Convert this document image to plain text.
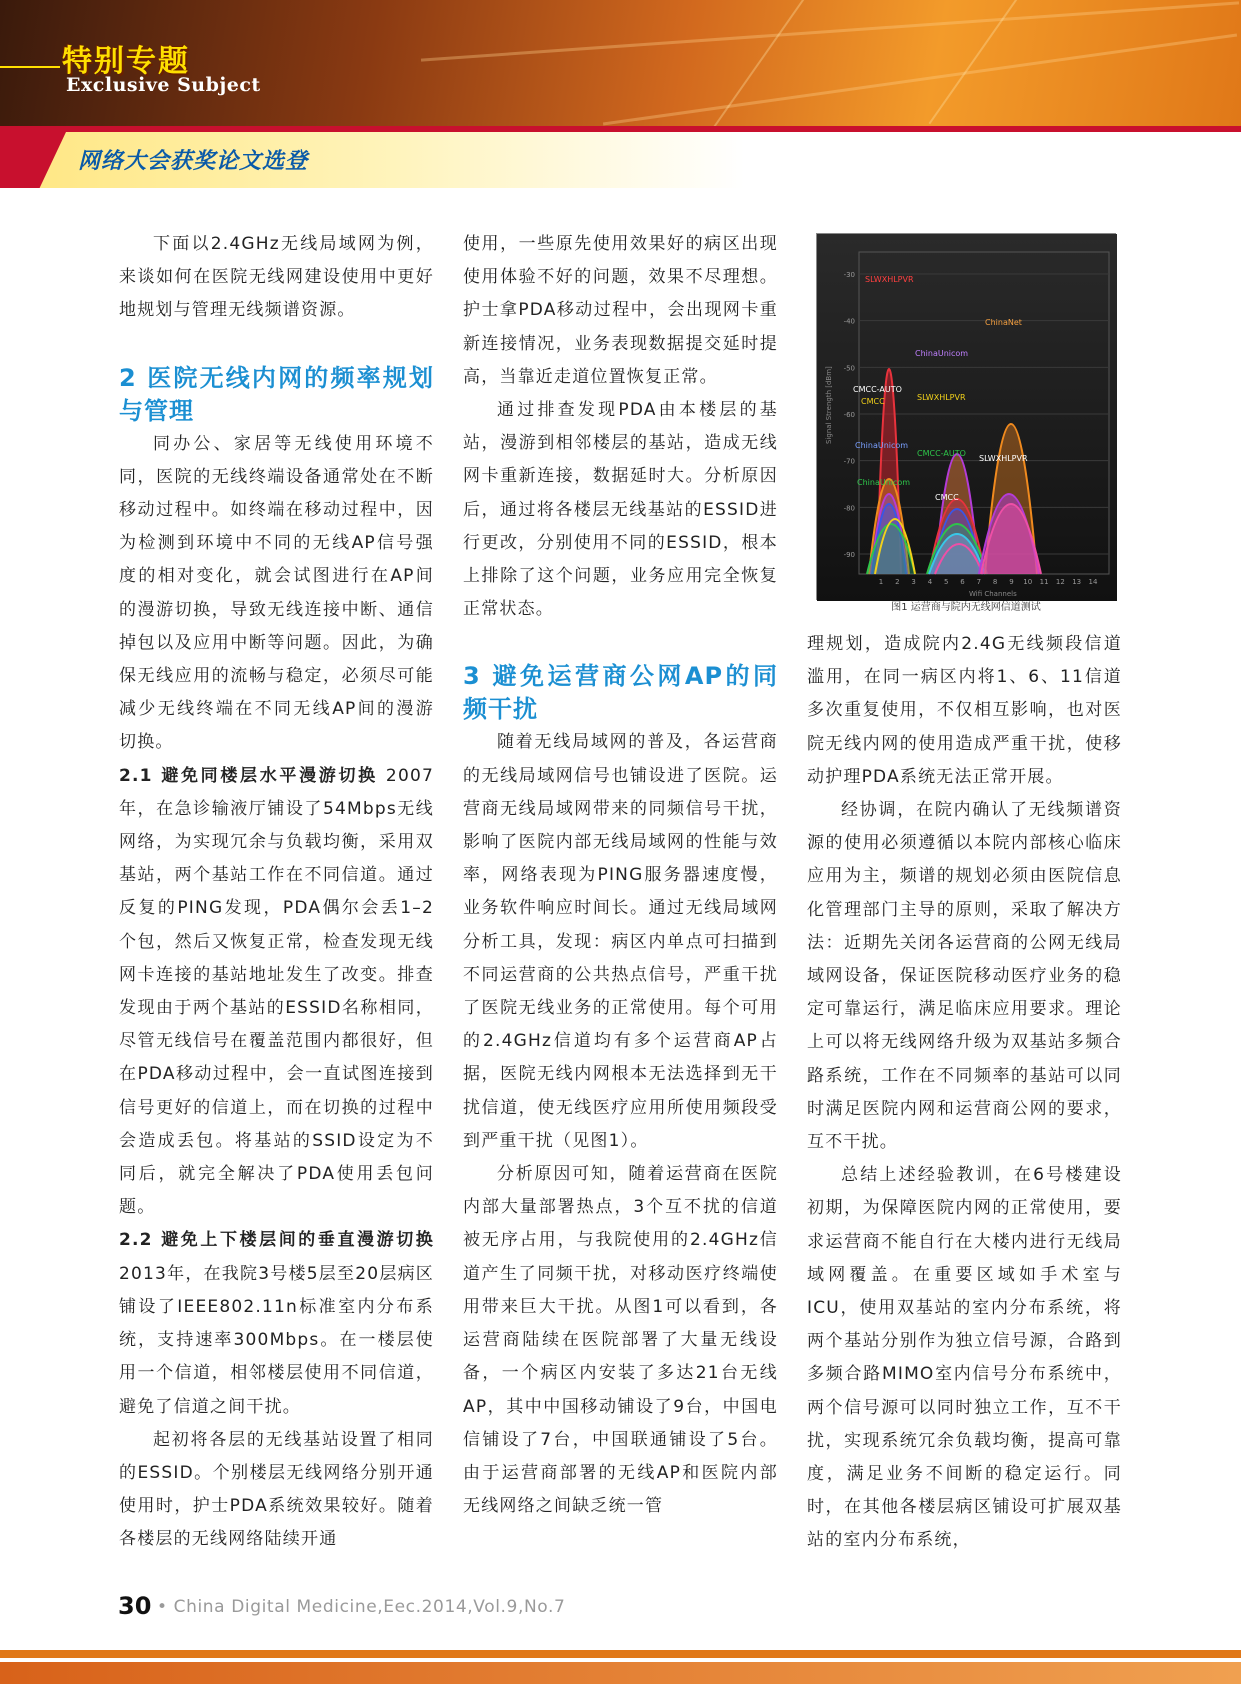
特别专题
Exclusive Subject
网络大会获奖论文选登

下面以2.4GHz无线局域网为例，来谈如何在医院无线网建设使用中更好地规划与管理无线频谱资源。

2 医院无线内网的频率规划与管理

同办公、家居等无线使用环境不同，医院的无线终端设备通常处在不断移动过程中。如终端在移动过程中，因为检测到环境中不同的无线AP信号强度的相对变化，就会试图进行在AP间的漫游切换，导致无线连接中断、通信掉包以及应用中断等问题。因此，为确保无线应用的流畅与稳定，必须尽可能减少无线终端在不同无线AP间的漫游切换。

2.1 避免同楼层水平漫游切换 2007年，在急诊输液厅铺设了54Mbps无线网络，为实现冗余与负载均衡，采用双基站，两个基站工作在不同信道。通过反复的PING发现，PDA偶尔会丢1–2个包，然后又恢复正常，检查发现无线网卡连接的基站地址发生了改变。排查发现由于两个基站的ESSID名称相同，尽管无线信号在覆盖范围内都很好，但在PDA移动过程中，会一直试图连接到信号更好的信道上，而在切换的过程中会造成丢包。将基站的SSID设定为不同后，就完全解决了PDA使用丢包问题。

2.2 避免上下楼层间的垂直漫游切换2013年，在我院3号楼5层至20层病区铺设了IEEE802.11n标准室内分布系统，支持速率300Mbps。在一楼层使用一个信道，相邻楼层使用不同信道，避免了信道之间干扰。

起初将各层的无线基站设置了相同的ESSID。个别楼层无线网络分别开通使用时，护士PDA系统效果较好。随着各楼层的无线网络陆续开通

使用，一些原先使用效果好的病区出现使用体验不好的问题，效果不尽理想。护士拿PDA移动过程中，会出现网卡重新连接情况，业务表现数据提交延时提高，当靠近走道位置恢复正常。

通过排查发现PDA由本楼层的基站，漫游到相邻楼层的基站，造成无线网卡重新连接，数据延时大。分析原因后，通过将各楼层无线基站的ESSID进行更改，分别使用不同的ESSID，根本上排除了这个问题，业务应用完全恢复正常状态。

3 避免运营商公网AP的同频干扰

随着无线局域网的普及，各运营商的无线局域网信号也铺设进了医院。运营商无线局域网带来的同频信号干扰，影响了医院内部无线局域网的性能与效率，网络表现为PING服务器速度慢，业务软件响应时间长。通过无线局域网分析工具，发现：病区内单点可扫描到不同运营商的公共热点信号，严重干扰了医院无线业务的正常使用。每个可用的2.4GHz信道均有多个运营商AP占据，医院无线内网根本无法选择到无干扰信道，使无线医疗应用所使用频段受到严重干扰（见图1）。

分析原因可知，随着运营商在医院内部大量部署热点，3个互不扰的信道被无序占用，与我院使用的2.4GHz信道产生了同频干扰，对移动医疗终端使用带来巨大干扰。从图1可以看到，各运营商陆续在医院部署了大量无线设备，一个病区内安装了多达21台无线AP，其中中国移动铺设了9台，中国电信铺设了7台，中国联通铺设了5台。由于运营商部署的无线AP和医院内部无线网络之间缺乏统一管

-30
-40
-50
-60
-70
-80
-90
1 2 3 4 5 6 7 8 9 10 11 12 13 14
SLWXHLPVR
ChinaNet
ChinaUnicom
CMCC-AUTO
CMCC	SLWXHLPVR
ChinaUnicom
CMCC-AUTO
SLWXHLPVR
ChinaUnicom
CMCC
Signal Strength [dBm]
Wifi Channels
图1 运营商与院内无线网信道测试

理规划，造成院内2.4G无线频段信道滥用，在同一病区内将1、6、11信道多次重复使用，不仅相互影响，也对医院无线内网的使用造成严重干扰，使移动护理PDA系统无法正常开展。

经协调，在院内确认了无线频谱资源的使用必须遵循以本院内部核心临床应用为主，频谱的规划必须由医院信息化管理部门主导的原则，采取了解决方法：近期先关闭各运营商的公网无线局域网设备，保证医院移动医疗业务的稳定可靠运行，满足临床应用要求。理论上可以将无线网络升级为双基站多频合路系统，工作在不同频率的基站可以同时满足医院内网和运营商公网的要求，互不干扰。

总结上述经验教训，在6号楼建设初期，为保障医院内网的正常使用，要求运营商不能自行在大楼内进行无线局域网覆盖。在重要区域如手术室与ICU，使用双基站的室内分布系统，将两个基站分别作为独立信号源，合路到多频合路MIMO室内信号分布系统中，两个信号源可以同时独立工作，互不干扰，实现系统冗余负载均衡，提高可靠度，满足业务不间断的稳定运行。同时，在其他各楼层病区铺设可扩展双基站的室内分布系统，

30 • China Digital Medicine,Eec.2014,Vol.9,No.7
